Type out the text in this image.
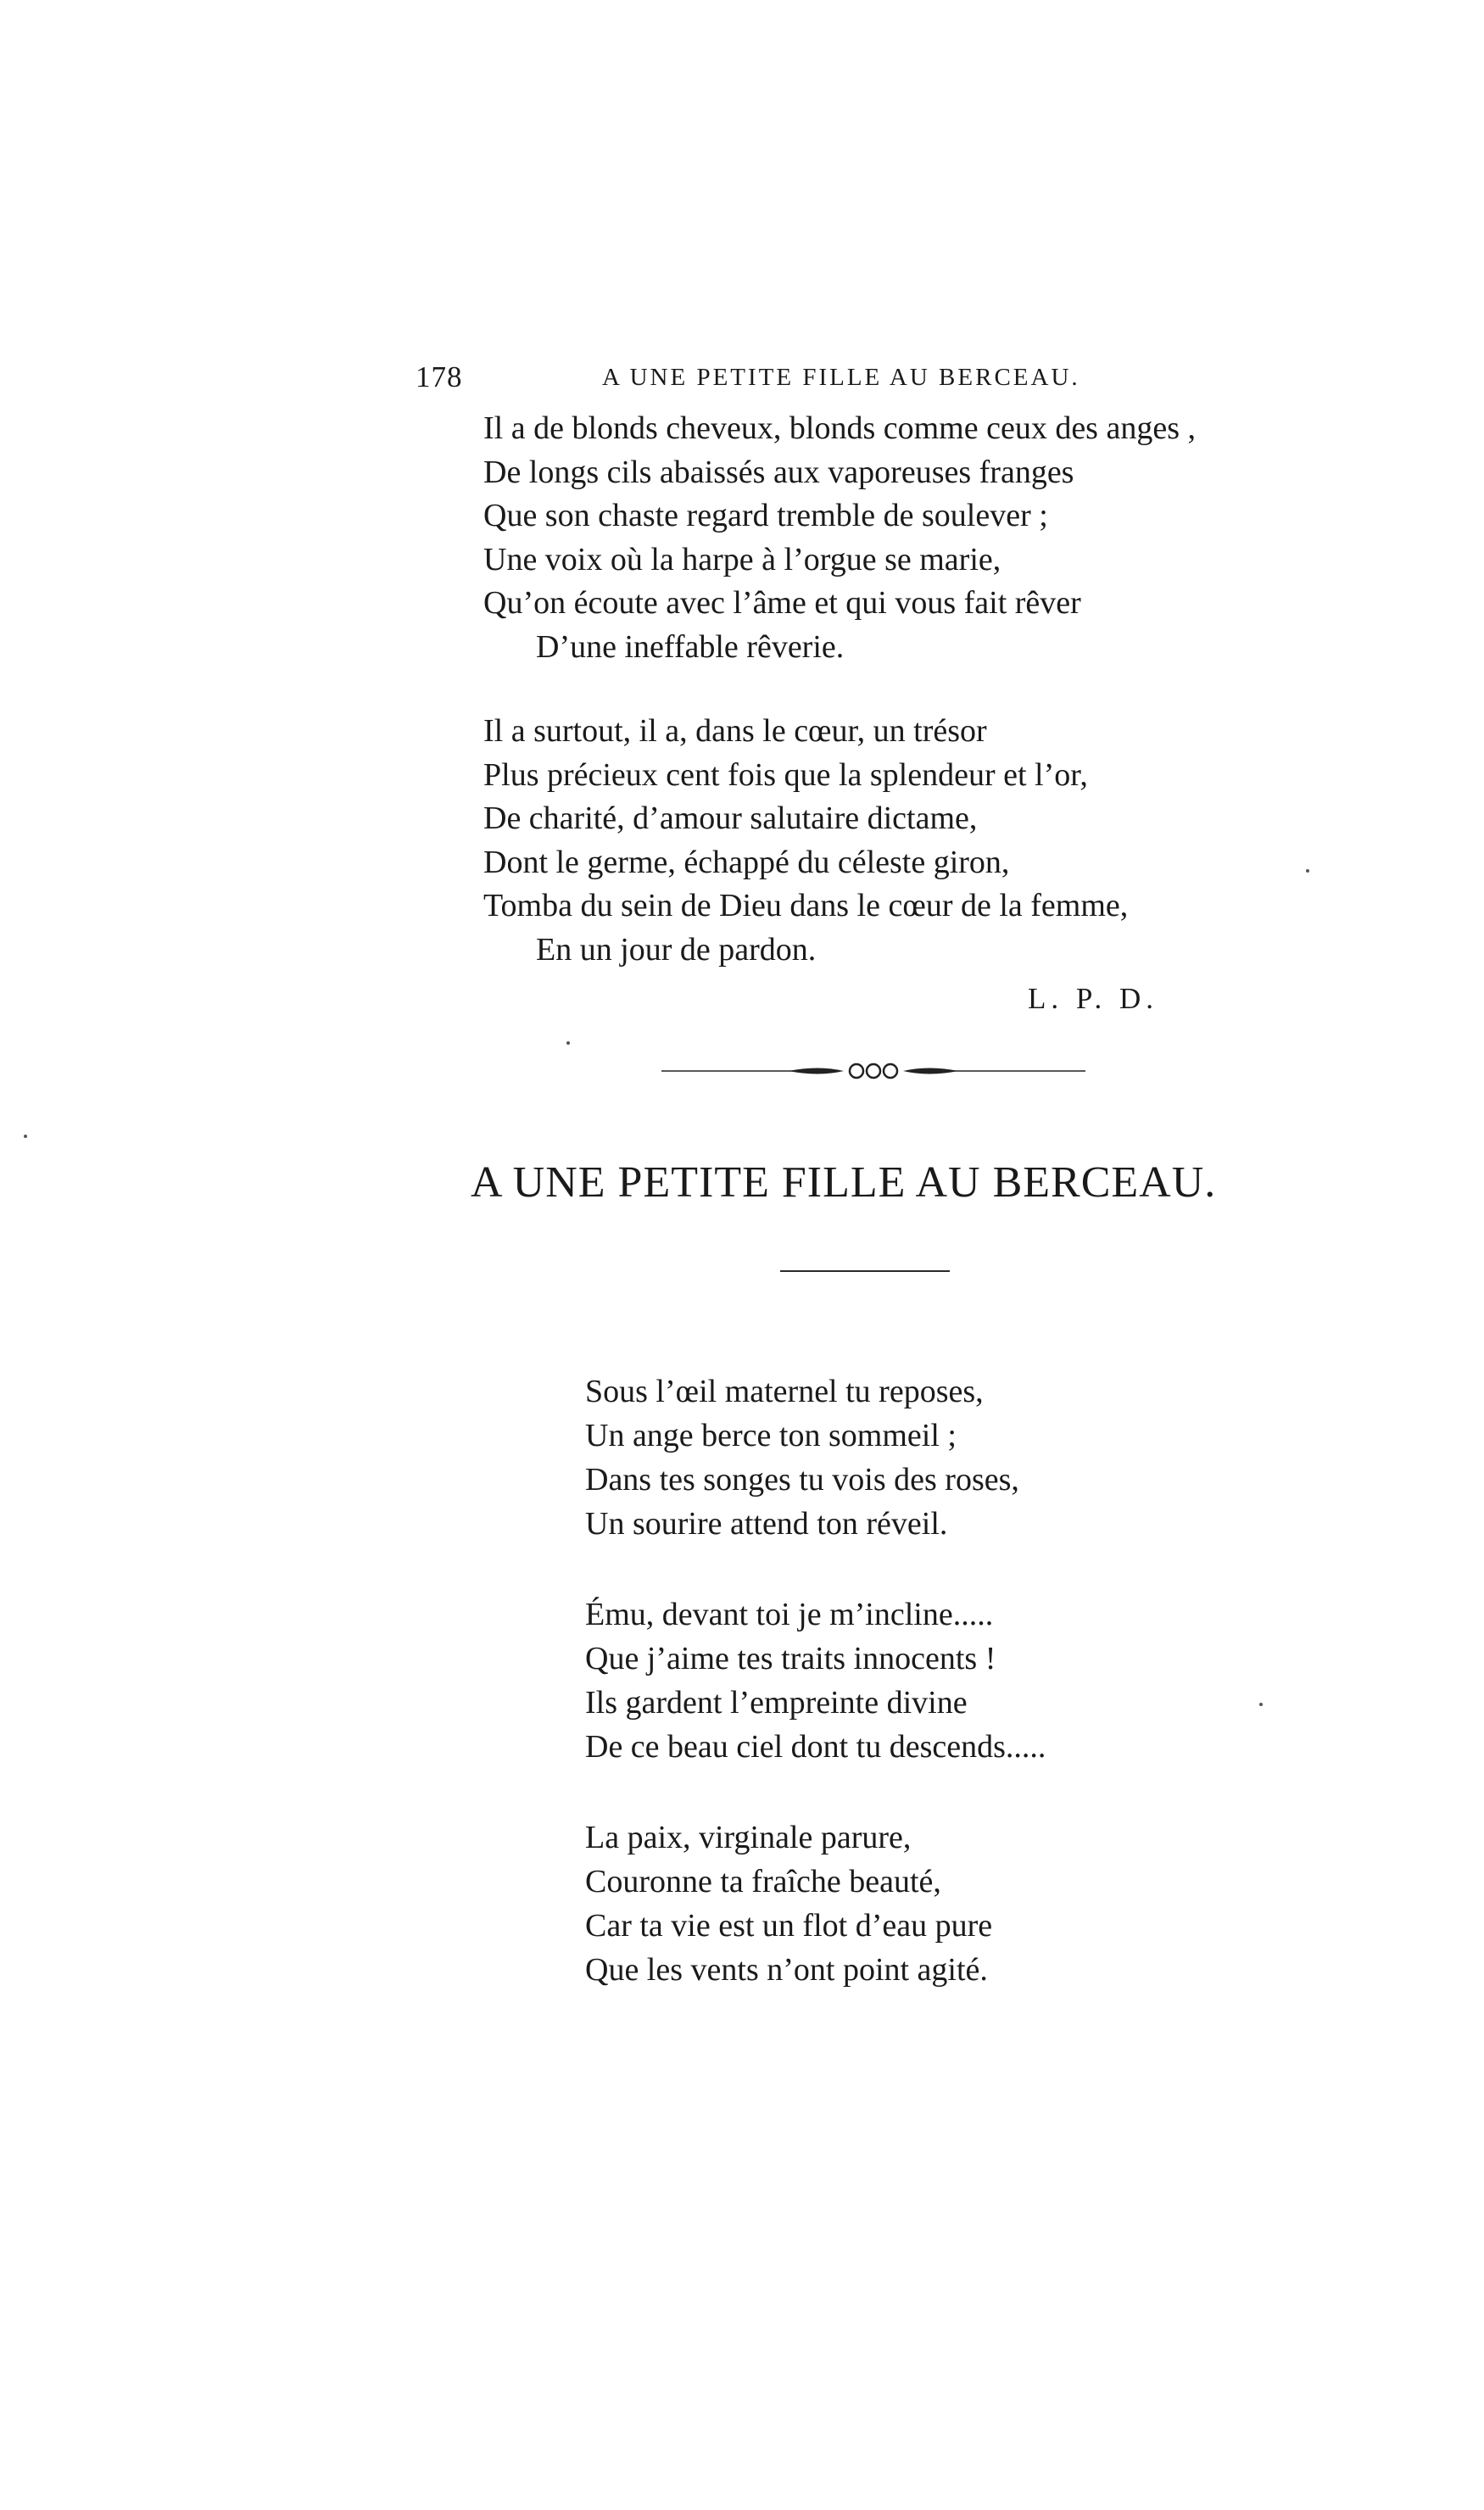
178	A UNE PETITE FILLE AU BERCEAU.
Il a de blonds cheveux, blonds comme ceux des anges ,
De longs cils abaissés aux vaporeuses franges
Que son chaste regard tremble de soulever ;
Une voix où la harpe à l’orgue se marie,
Qu’on écoute avec l’âme et qui vous fait rêver
D’une ineffable rêverie.
Il a surtout, il a, dans le cœur, un trésor
Plus précieux cent fois que la splendeur et l’or,
De charité, d’amour salutaire dictame,
Dont le germe, échappé du céleste giron,
Tomba du sein de Dieu dans le cœur de la femme,
En un jour de pardon.
L. P. D.
A UNE PETITE FILLE AU BERCEAU.
Sous l’œil maternel tu reposes,
Un ange berce ton sommeil ;
Dans tes songes tu vois des roses,
Un sourire attend ton réveil.
Ému, devant toi je m’incline.....
Que j’aime tes traits innocents !
Ils gardent l’empreinte divine
De ce beau ciel dont tu descends.....
La paix, virginale parure,
Couronne ta fraîche beauté,
Car ta vie est un flot d’eau pure
Que les vents n’ont point agité.
